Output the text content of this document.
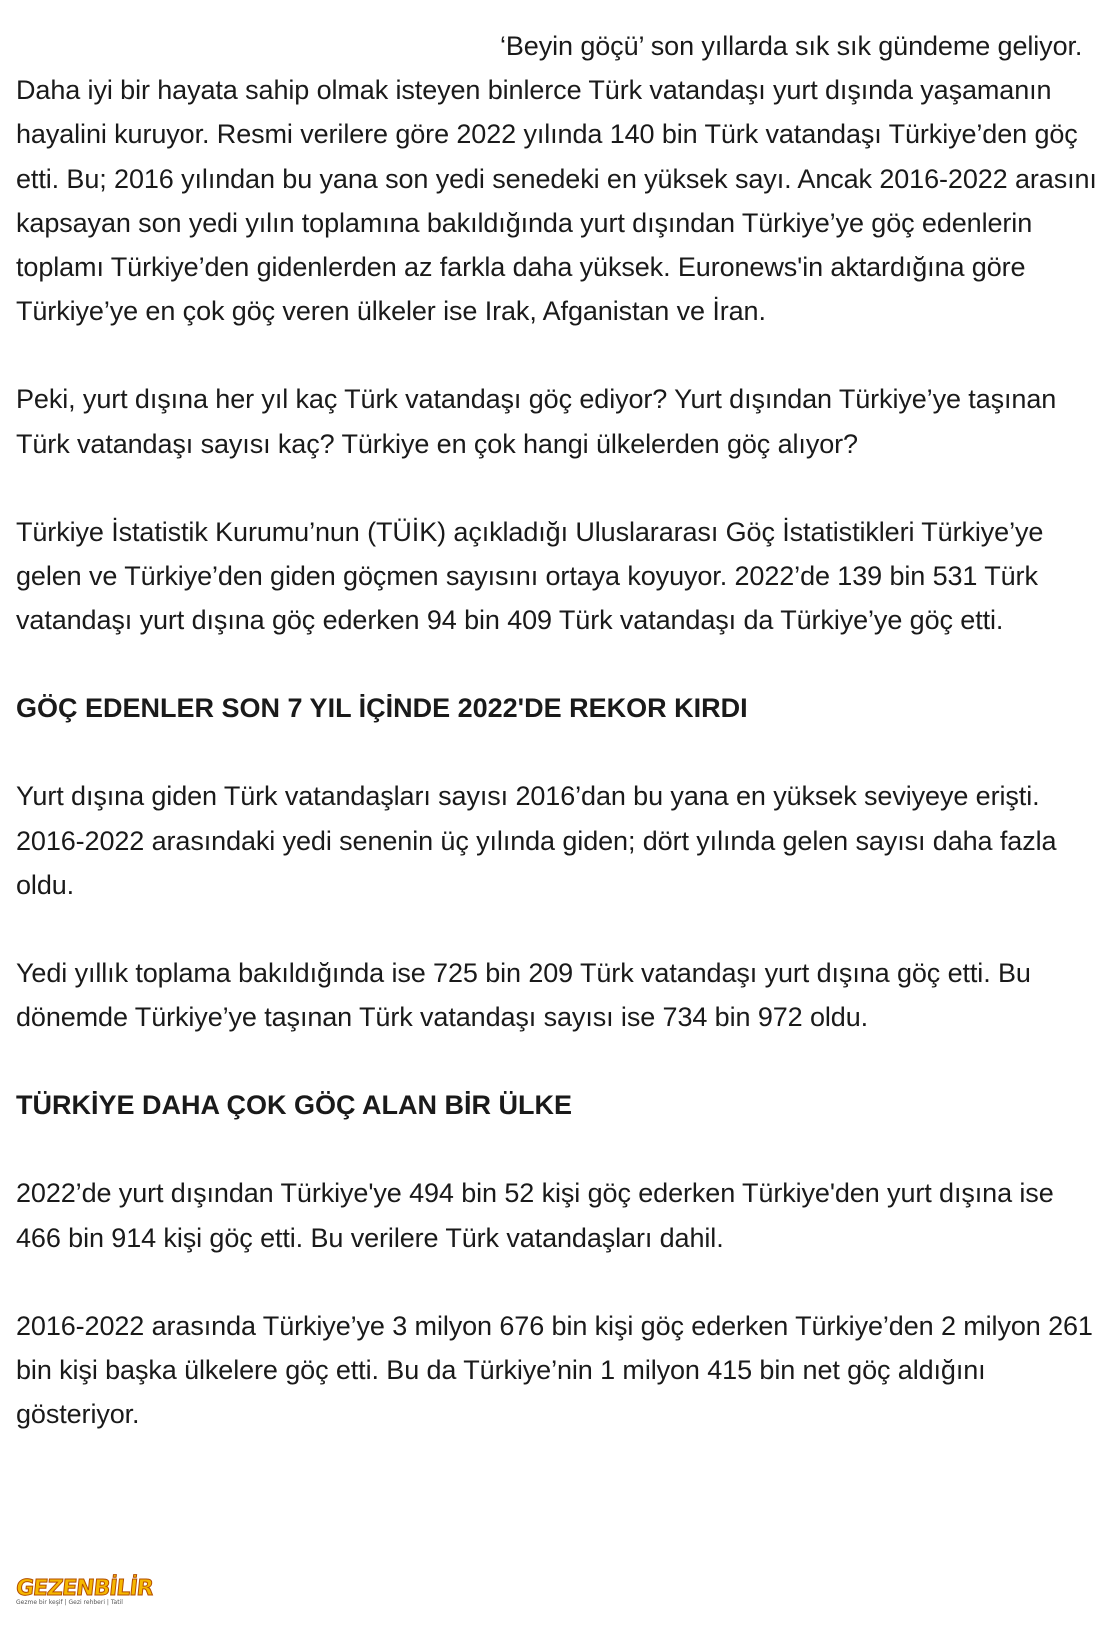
‘Beyin göçü’ son yıllarda sık sık gündeme geliyor. Daha iyi bir hayata sahip olmak isteyen binlerce Türk vatandaşı yurt dışında yaşamanın hayalini kuruyor. Resmi verilere göre 2022 yılında 140 bin Türk vatandaşı Türkiye’den göç etti. Bu; 2016 yılından bu yana son yedi senedeki en yüksek sayı. Ancak 2016-2022 arasını kapsayan son yedi yılın toplamına bakıldığında yurt dışından Türkiye’ye göç edenlerin toplamı Türkiye’den gidenlerden az farkla daha yüksek. Euronews'in aktardığına göre Türkiye’ye en çok göç veren ülkeler ise Irak, Afganistan ve İran.

Peki, yurt dışına her yıl kaç Türk vatandaşı göç ediyor? Yurt dışından Türkiye’ye taşınan Türk vatandaşı sayısı kaç? Türkiye en çok hangi ülkelerden göç alıyor?

Türkiye İstatistik Kurumu’nun (TÜİK) açıkladığı Uluslararası Göç İstatistikleri Türkiye’ye gelen ve Türkiye’den giden göçmen sayısını ortaya koyuyor. 2022’de 139 bin 531 Türk vatandaşı yurt dışına göç ederken 94 bin 409 Türk vatandaşı da Türkiye’ye göç etti.

GÖÇ EDENLER SON 7 YIL İÇİNDE 2022'DE REKOR KIRDI

Yurt dışına giden Türk vatandaşları sayısı 2016’dan bu yana en yüksek seviyeye erişti. 2016-2022 arasındaki yedi senenin üç yılında giden; dört yılında gelen sayısı daha fazla oldu.

Yedi yıllık toplama bakıldığında ise 725 bin 209 Türk vatandaşı yurt dışına göç etti. Bu dönemde Türkiye’ye taşınan Türk vatandaşı sayısı ise 734 bin 972 oldu.

TÜRKİYE DAHA ÇOK GÖÇ ALAN BİR ÜLKE

2022’de yurt dışından Türkiye'ye 494 bin 52 kişi göç ederken Türkiye'den yurt dışına ise 466 bin 914 kişi göç etti. Bu verilere Türk vatandaşları dahil.

2016-2022 arasında Türkiye’ye 3 milyon 676 bin kişi göç ederken Türkiye’den 2 milyon 261 bin kişi başka ülkelere göç etti. Bu da Türkiye’nin 1 milyon 415 bin net göç aldığını gösteriyor.

GEZENBİLİR
Gezme bir keşif | Gezi rehberi | Tatil
